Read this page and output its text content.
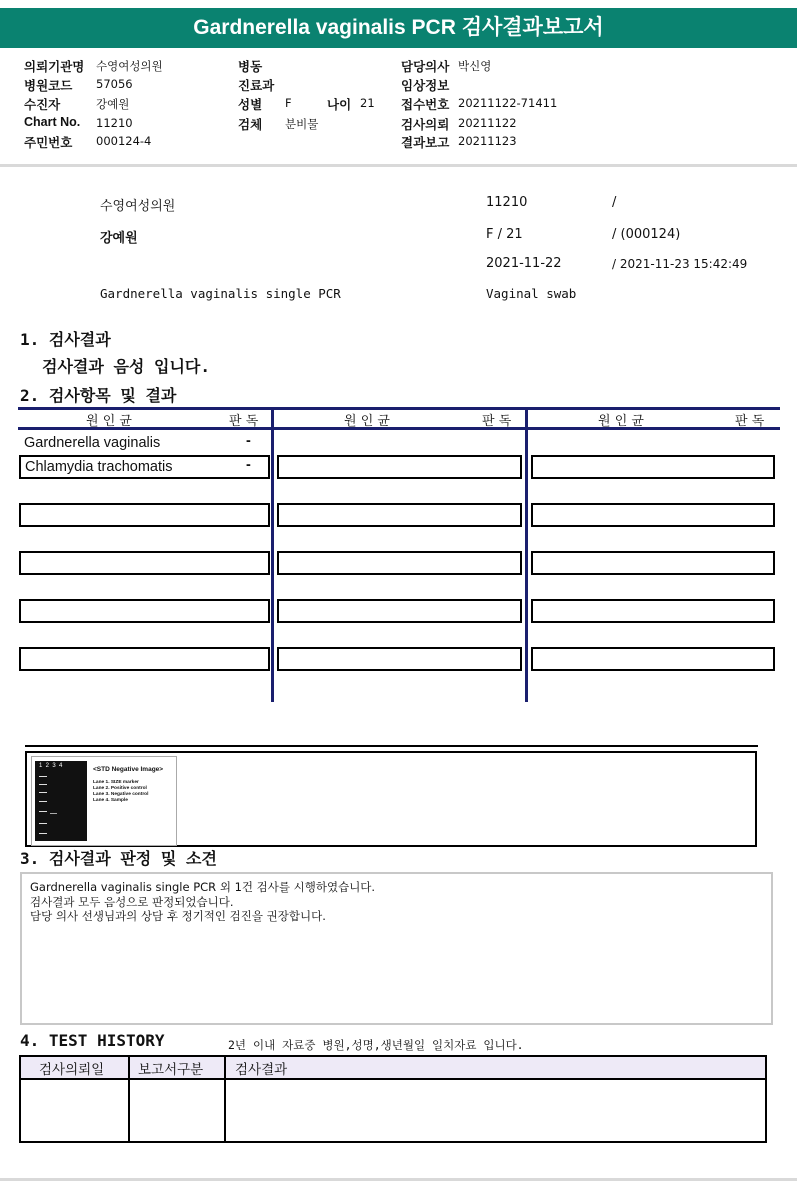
Gardnerella vaginalis PCR 검사결과보고서
의뢰기관명 수영여성의원
병원코드 57056
수진자	강예원
Chart No. 11210
주민번호 000124-4
병동
진료과
성별 F	나이 21
검체 분비물
담당의사 박신영
임상정보
접수번호 20211122-71411
검사의뢰 20211122
결과보고 20211123
수영여성의원	11210	/
강예원	F / 21	/ (000124)
2021-11-22	/ 2021-11-23 15:42:49
Gardnerella vaginalis single PCR	Vaginal swab
1. 검사결과
검사결과 음성 입니다.
2. 검사항목 및 결과
원 인 균	판 독	원 인 균	판 독	원 인 균	판 독
Gardnerella vaginalis	-
Chlamydia trachomatis	-
1  2  3  4	<STD Negative Image>
Lane 1. SIZE marker
Lane 2. Positive control
Lane 3. Negative control
Lane 4. Sample
3. 검사결과 판정 및 소견
Gardnerella vaginalis single PCR 외 1건 검사를 시행하였습니다.
검사결과 모두 음성으로 판정되었습니다.
담당 의사 선생님과의 상담 후 정기적인 검진을 권장합니다.
4. TEST HISTORY	2년 이내 자료중 병원,성명,생년월일 일치자료 입니다.
검사의뢰일	보고서구분 검사결과
